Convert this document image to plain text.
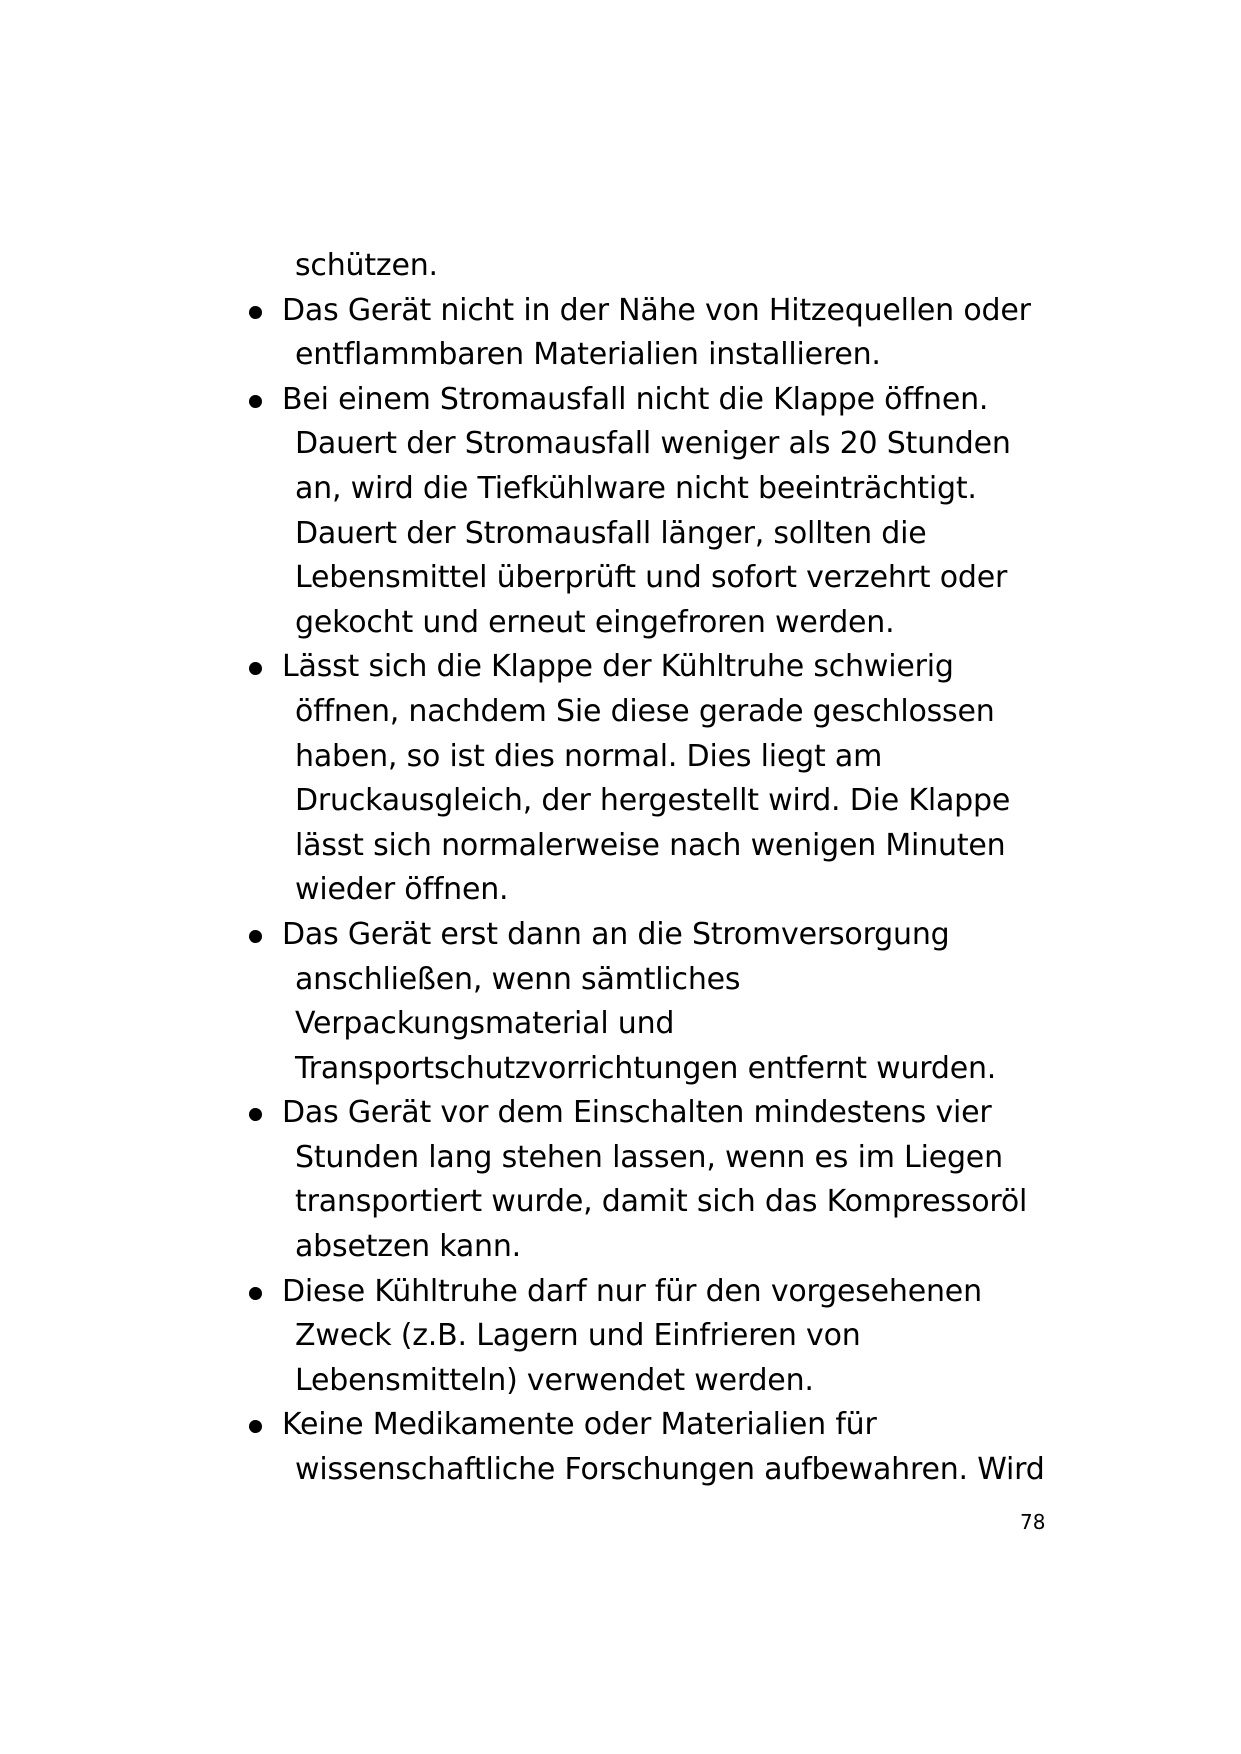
schützen.
Das Gerät nicht in der Nähe von Hitzequellen oder
entflammbaren Materialien installieren.
Bei einem Stromausfall nicht die Klappe öffnen.
Dauert der Stromausfall weniger als 20 Stunden
an, wird die Tiefkühlware nicht beeinträchtigt.
Dauert der Stromausfall länger, sollten die
Lebensmittel überprüft und sofort verzehrt oder
gekocht und erneut eingefroren werden.
Lässt sich die Klappe der Kühltruhe schwierig
öffnen, nachdem Sie diese gerade geschlossen
haben, so ist dies normal. Dies liegt am
Druckausgleich, der hergestellt wird. Die Klappe
lässt sich normalerweise nach wenigen Minuten
wieder öffnen.
Das Gerät erst dann an die Stromversorgung
anschließen, wenn sämtliches
Verpackungsmaterial und
Transportschutzvorrichtungen entfernt wurden.
Das Gerät vor dem Einschalten mindestens vier
Stunden lang stehen lassen, wenn es im Liegen
transportiert wurde, damit sich das Kompressoröl
absetzen kann.
Diese Kühltruhe darf nur für den vorgesehenen
Zweck (z.B. Lagern und Einfrieren von
Lebensmitteln) verwendet werden.
Keine Medikamente oder Materialien für
wissenschaftliche Forschungen aufbewahren. Wird
78
